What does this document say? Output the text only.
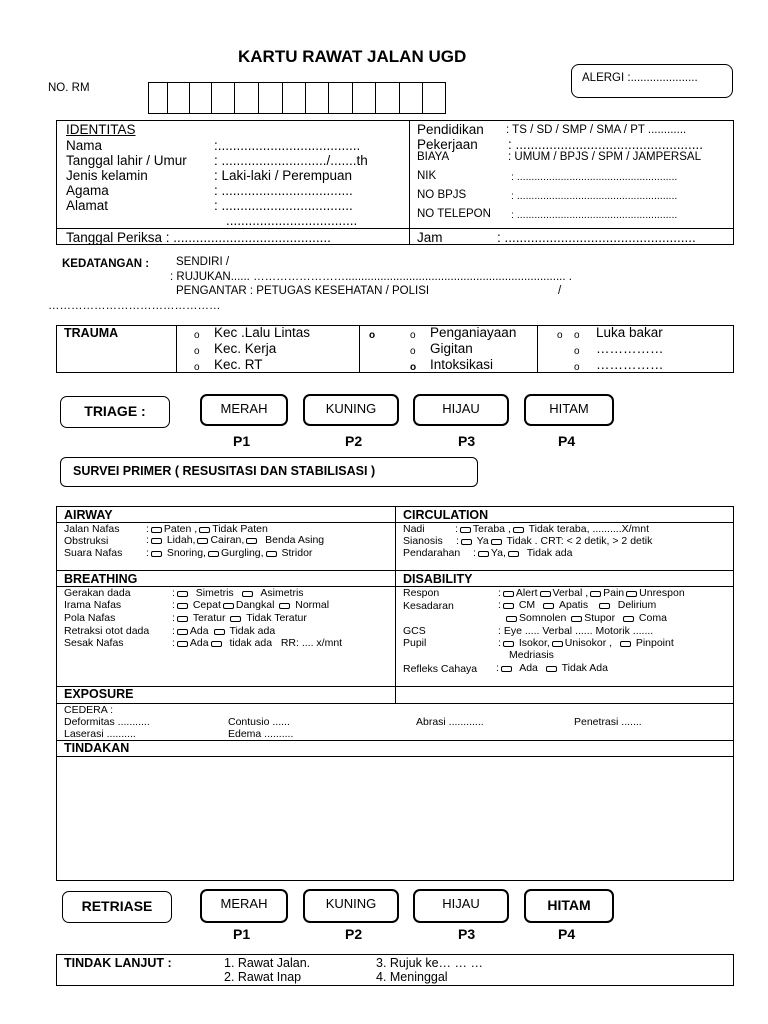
KARTU RAWAT JALAN UGD
NO. RM
ALERGI :.....................
IDENTITAS
Nama	:......................................
Tanggal lahir / Umur : ............................/.......th
Jenis kelamin	: Laki-laki / Perempuan
Agama	: ...................................
Alamat	: ...................................
...................................
Pendidikan : TS / SD / SMP / SMA / PT ............
Pekerjaan : ..................................................
BIAYA	: UMUM / BPJS / SPM / JAMPERSAL
NIK	: .......................................................
NO BPJS	: .......................................................
NO TELEPON : .......................................................
Tanggal Periksa : ..........................................	Jam	: ...................................................
KEDATANGAN : SENDIRI /
: RUJUKAN...... ……………………..................................................................... .
PENGANTAR : PETUGAS KESEHATAN / POLISI	/
………………………………………
TRAUMA	o Kec .Lalu Lintas
o Kec. Kerja
o Kec. RT
o	o Penganiayaan
o Gigitan
o Intoksikasi
o o Luka bakar
o ……………
o ……………
TRIAGE :	MERAH	KUNING	HIJAU	HITAM
P1	P2	P3	P4
SURVEI PRIMER ( RESUSITASI DAN STABILISASI )
AIRWAY
Jalan Nafas	: Paten , Tidak Paten
Obstruksi	: Lidah, Cairan, Benda Asing
Suara Nafas : Snoring, Gurgling, Stridor
CIRCULATION
Nadi	: Teraba , Tidak teraba, ..........X/mnt
Sianosis : Ya Tidak . CRT: < 2 detik, > 2 detik
Pendarahan : Ya, Tidak ada
BREATHING
Gerakan dada	: Simetris	Asimetris
Irama Nafas	: Cepat Dangkal Normal
Pola Nafas	: Teratur Tidak Teratur
Retraksi otot dada : Ada Tidak ada
Sesak Nafas	: Ada tidak ada RR: .... x/mnt
DISABILITY
Respon	: Alert Verbal , Pain Unrespon
Kesadaran	: CM Apatis	Delirium
Somnolen Stupor Coma
GCS	: Eye ..... Verbal ...... Motorik .......
Pupil	: Isokor, Unisokor , Pinpoint
Medriasis
Refleks Cahaya : Ada Tidak Ada
EXPOSURE
CEDERA :
Deformitas ...........	Contusio ......	Abrasi ............	Penetrasi .......
Laserasi ..........	Edema ..........
TINDAKAN
RETRIASE	MERAH	KUNING	HIJAU	HITAM
P1	P2	P3	P4
TINDAK LANJUT :	1. Rawat Jalan.
2. Rawat Inap
3. Rujuk ke… … …
4. Meninggal
